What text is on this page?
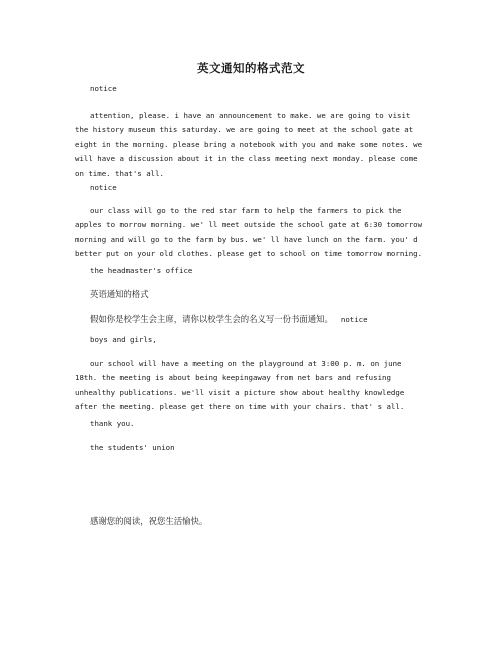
英文通知的格式范文
notice
attention, please. i have an announcement to make. we are going to visit
the history museum this saturday. we are going to meet at the school gate at
eight in the morning. please bring a notebook with you and make some notes. we
will have a discussion about it in the class meeting next monday. please come
on time. that's all.
notice
our class will go to the red star farm to help the farmers to pick the
apples to morrow morning. we' ll meet outside the school gate at 6:30 tomorrow
morning and will go to the farm by bus. we' ll have lunch on the farm. you' d
better put on your old clothes. please get to school on time tomorrow morning.
the headmaster's office
英语通知的格式
假如你是校学生会主席，请你以校学生会的名义写一份书面通知。 notice
boys and girls,
our school will have a meeting on the playground at 3:00 p. m. on june
18th. the meeting is about being keepingaway from net bars and refusing
unhealthy publications. we'll visit a picture show about healthy knowledge
after the meeting. please get there on time with your chairs. that' s all.
thank you.
the students' union
感谢您的阅读，祝您生活愉快。
